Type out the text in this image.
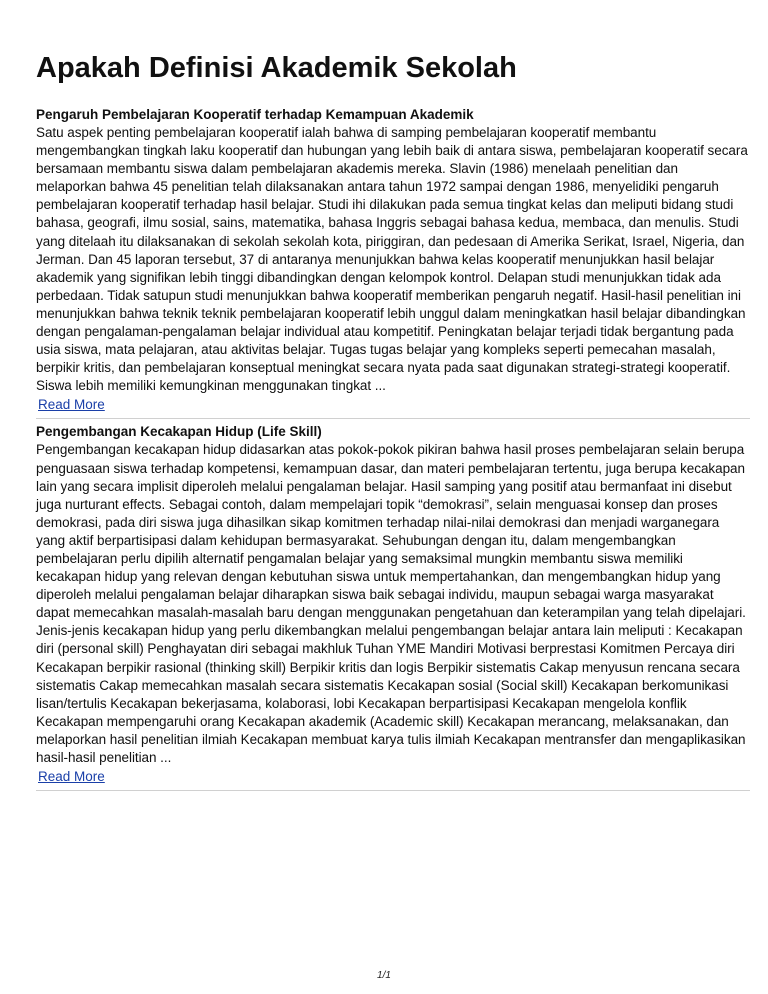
Apakah Definisi Akademik Sekolah

Pengaruh Pembelajaran Kooperatif terhadap Kemampuan Akademik

Satu aspek penting pembelajaran kooperatif ialah bahwa di samping pembelajaran kooperatif membantu mengembangkan tingkah laku kooperatif dan hubungan yang lebih baik di antara siswa, pembelajaran kooperatif secara bersamaan membantu siswa dalam pembelajaran akademis mereka. Slavin (1986) menelaah penelitian dan melaporkan bahwa 45 penelitian telah dilaksanakan antara tahun 1972 sampai dengan 1986, menyelidiki pengaruh pembelajaran kooperatif terhadap hasil belajar. Studi ihi dilakukan pada semua tingkat kelas dan meliputi bidang studi bahasa, geografi, ilmu sosial, sains, matematika, bahasa Inggris sebagai bahasa kedua, membaca, dan menulis. Studi yang ditelaah itu dilaksanakan di sekolah sekolah kota, piriggiran, dan pedesaan di Amerika Serikat, Israel, Nigeria, dan Jerman. Dan 45 laporan tersebut, 37 di antaranya menunjukkan bahwa kelas kooperatif menunjukkan hasil belajar akademik yang signifikan lebih tinggi dibandingkan dengan kelompok kontrol. Delapan studi menunjukkan tidak ada perbedaan. Tidak satupun studi menunjukkan bahwa kooperatif memberikan pengaruh negatif. Hasil-hasil penelitian ini menunjukkan bahwa teknik teknik pembelajaran kooperatif lebih unggul dalam meningkatkan hasil belajar dibandingkan dengan pengalaman-pengalaman belajar individual atau kompetitif. Peningkatan belajar terjadi tidak bergantung pada usia siswa, mata pelajaran, atau aktivitas belajar. Tugas tugas belajar yang kompleks seperti pemecahan masalah, berpikir kritis, dan pembelajaran konseptual meningkat secara nyata pada saat digunakan strategi-strategi kooperatif. Siswa lebih memiliki kemungkinan menggunakan tingkat ...

Read More

Pengembangan Kecakapan Hidup (Life Skill)

Pengembangan kecakapan hidup didasarkan atas pokok-pokok pikiran bahwa hasil proses pembelajaran selain berupa penguasaan siswa terhadap kompetensi, kemampuan dasar, dan materi pembelajaran tertentu, juga berupa kecakapan lain yang secara implisit diperoleh melalui pengalaman belajar. Hasil samping yang positif atau bermanfaat ini disebut juga nurturant effects. Sebagai contoh, dalam mempelajari topik “demokrasi”, selain menguasai konsep dan proses demokrasi, pada diri siswa juga dihasilkan sikap komitmen terhadap nilai-nilai demokrasi dan menjadi warganegara yang aktif berpartisipasi dalam kehidupan bermasyarakat. Sehubungan dengan itu, dalam mengembangkan pembelajaran perlu dipilih alternatif pengamalan belajar yang semaksimal mungkin membantu siswa memiliki kecakapan hidup yang relevan dengan kebutuhan siswa untuk mempertahankan, dan mengembangkan hidup yang diperoleh melalui pengalaman belajar diharapkan siswa baik sebagai individu, maupun sebagai warga masyarakat dapat memecahkan masalah-masalah baru dengan menggunakan pengetahuan dan keterampilan yang telah dipelajari. Jenis-jenis kecakapan hidup yang perlu dikembangkan melalui pengembangan belajar antara lain meliputi : Kecakapan diri (personal skill) Penghayatan diri sebagai makhluk Tuhan YME Mandiri Motivasi berprestasi Komitmen Percaya diri Kecakapan berpikir rasional (thinking skill) Berpikir kritis dan logis Berpikir sistematis Cakap menyusun rencana secara sistematis Cakap memecahkan masalah secara sistematis Kecakapan sosial (Social skill) Kecakapan berkomunikasi lisan/tertulis Kecakapan bekerjasama, kolaborasi, lobi Kecakapan berpartisipasi Kecakapan mengelola konflik Kecakapan mempengaruhi orang Kecakapan akademik (Academic skill) Kecakapan merancang, melaksanakan, dan melaporkan hasil penelitian ilmiah Kecakapan membuat karya tulis ilmiah Kecakapan mentransfer dan mengaplikasikan hasil-hasil penelitian ...

Read More
1/1
